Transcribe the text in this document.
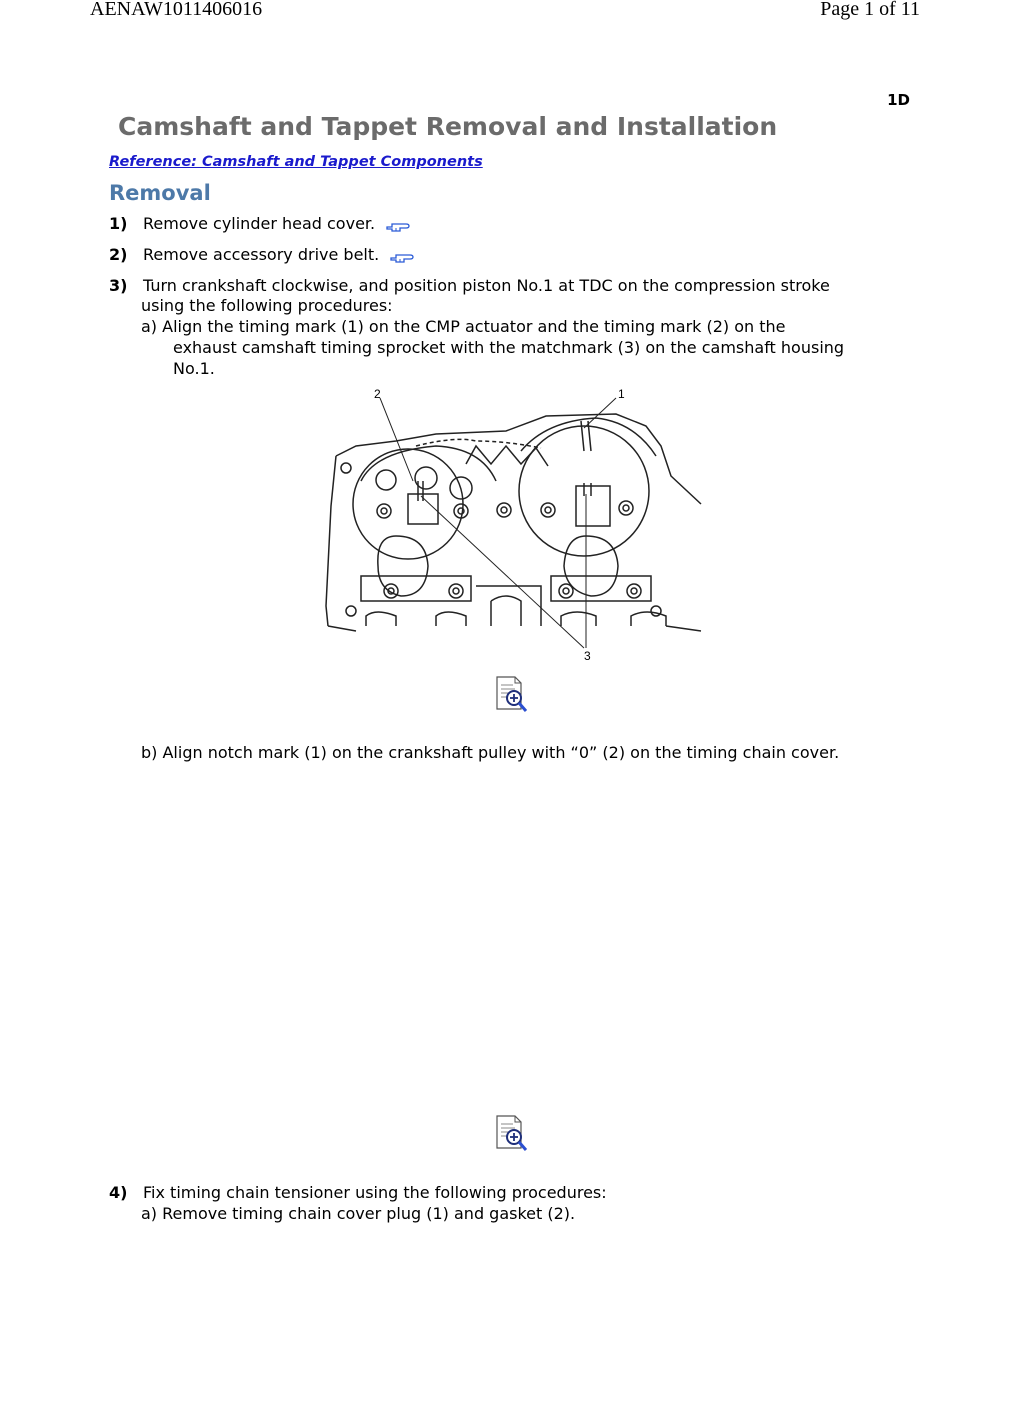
AENAW1011406016	Page 1 of 11
1D
Camshaft and Tappet Removal and Installation
Reference: Camshaft and Tappet Components
Removal
1) Remove cylinder head cover.
2) Remove accessory drive belt.
3) Turn crankshaft clockwise, and position piston No.1 at TDC on the compression stroke
using the following procedures:
a) Align the timing mark (1) on the CMP actuator and the timing mark (2) on the
exhaust camshaft timing sprocket with the matchmark (3) on the camshaft housing
No.1.
2	1
3
b) Align notch mark (1) on the crankshaft pulley with “0” (2) on the timing chain cover.
4) Fix timing chain tensioner using the following procedures:
a) Remove timing chain cover plug (1) and gasket (2).
